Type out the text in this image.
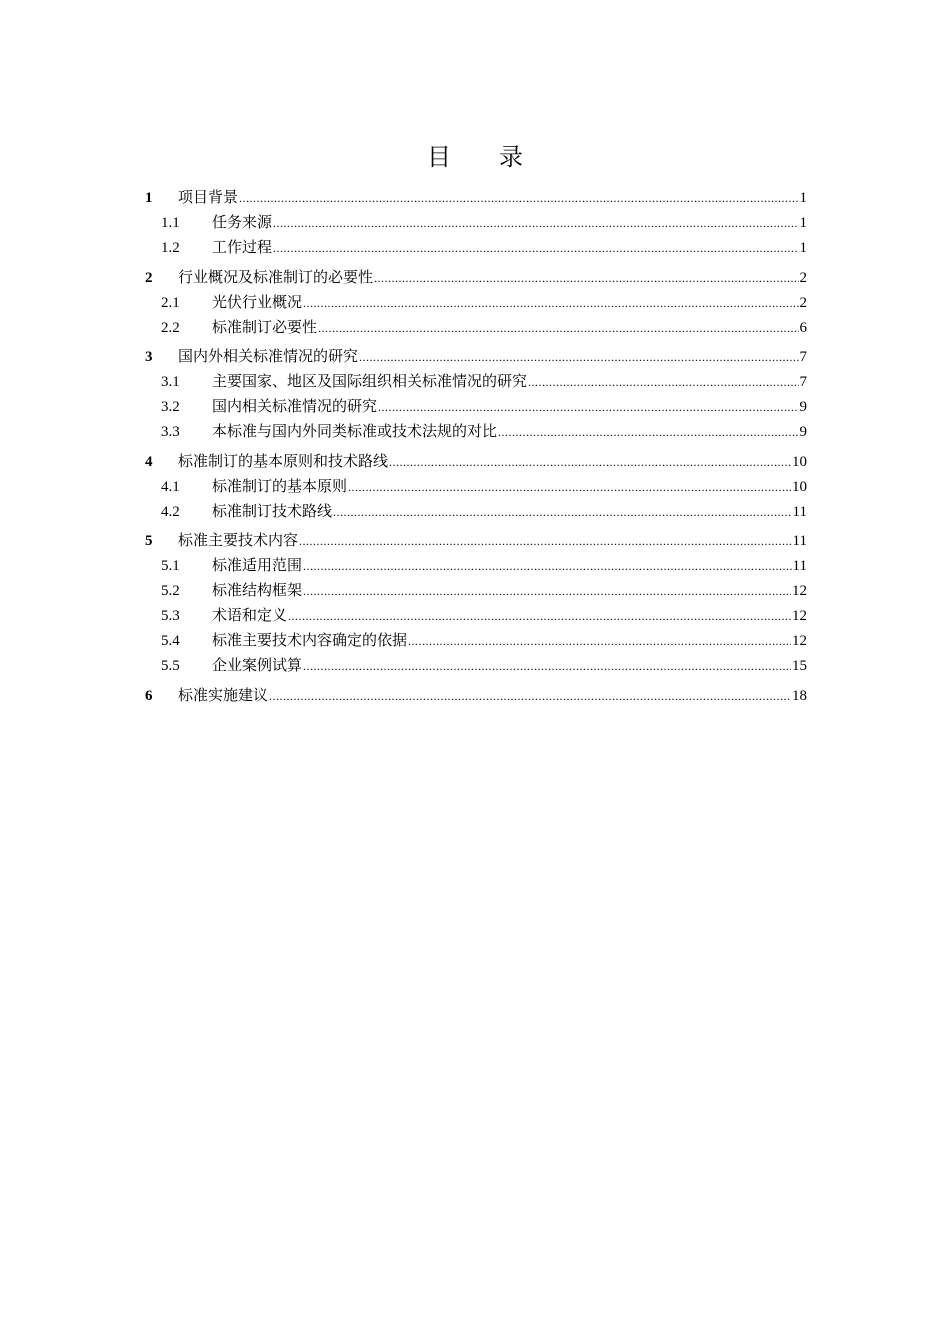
目 录
1	项目背景 .....	1
1.1	任务来源 .....	1
1.2	工作过程 .....	1
2	行业概况及标准制订的必要性 .....	2
2.1	光伏行业概况 .....	2
2.2	标准制订必要性 .....	6
3	国内外相关标准情况的研究 .....	7
3.1	主要国家、地区及国际组织相关标准情况的研究 .....	7
3.2	国内相关标准情况的研究 .....	9
3.3	本标准与国内外同类标准或技术法规的对比 .....	9
4	标准制订的基本原则和技术路线 .....	10
4.1	标准制订的基本原则 .....	10
4.2	标准制订技术路线 .....	11
5	标准主要技术内容 .....	11
5.1	标准适用范围 .....	11
5.2	标准结构框架 .....	12
5.3	术语和定义 .....	12
5.4	标准主要技术内容确定的依据 .....	12
5.5	企业案例试算 .....	15
6	标准实施建议 .....	18
